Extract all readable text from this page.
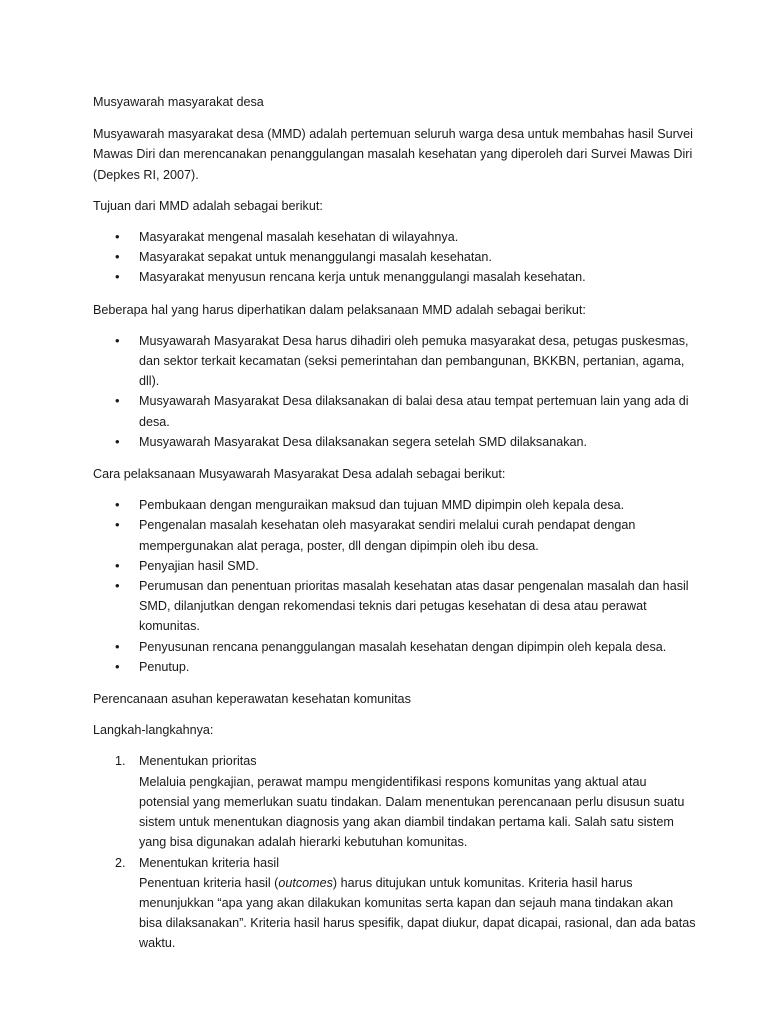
Musyawarah masyarakat desa

Musyawarah masyarakat desa (MMD) adalah pertemuan seluruh warga desa untuk membahas hasil Survei Mawas Diri dan merencanakan penanggulangan masalah kesehatan yang diperoleh dari Survei Mawas Diri (Depkes RI, 2007).

Tujuan dari MMD adalah sebagai berikut:

• Masyarakat mengenal masalah kesehatan di wilayahnya.
• Masyarakat sepakat untuk menanggulangi masalah kesehatan.
• Masyarakat menyusun rencana kerja untuk menanggulangi masalah kesehatan.

Beberapa hal yang harus diperhatikan dalam pelaksanaan MMD adalah sebagai berikut:

• Musyawarah Masyarakat Desa harus dihadiri oleh pemuka masyarakat desa, petugas puskesmas, dan sektor terkait kecamatan (seksi pemerintahan dan pembangunan, BKKBN, pertanian, agama, dll).
• Musyawarah Masyarakat Desa dilaksanakan di balai desa atau tempat pertemuan lain yang ada di desa.
• Musyawarah Masyarakat Desa dilaksanakan segera setelah SMD dilaksanakan.

Cara pelaksanaan Musyawarah Masyarakat Desa adalah sebagai berikut:

• Pembukaan dengan menguraikan maksud dan tujuan MMD dipimpin oleh kepala desa.
• Pengenalan masalah kesehatan oleh masyarakat sendiri melalui curah pendapat dengan mempergunakan alat peraga, poster, dll dengan dipimpin oleh ibu desa.
• Penyajian hasil SMD.
• Perumusan dan penentuan prioritas masalah kesehatan atas dasar pengenalan masalah dan hasil SMD, dilanjutkan dengan rekomendasi teknis dari petugas kesehatan di desa atau perawat komunitas.
• Penyusunan rencana penanggulangan masalah kesehatan dengan dipimpin oleh kepala desa.
• Penutup.

Perencanaan asuhan keperawatan kesehatan komunitas

Langkah-langkahnya:

1. Menentukan prioritas
Melaluia pengkajian, perawat mampu mengidentifikasi respons komunitas yang aktual atau potensial yang memerlukan suatu tindakan. Dalam menentukan perencanaan perlu disusun suatu sistem untuk menentukan diagnosis yang akan diambil tindakan pertama kali. Salah satu sistem yang bisa digunakan adalah hierarki kebutuhan komunitas.
2. Menentukan kriteria hasil
Penentuan kriteria hasil (outcomes) harus ditujukan untuk komunitas. Kriteria hasil harus menunjukkan “apa yang akan dilakukan komunitas serta kapan dan sejauh mana tindakan akan bisa dilaksanakan”. Kriteria hasil harus spesifik, dapat diukur, dapat dicapai, rasional, dan ada batas waktu.
